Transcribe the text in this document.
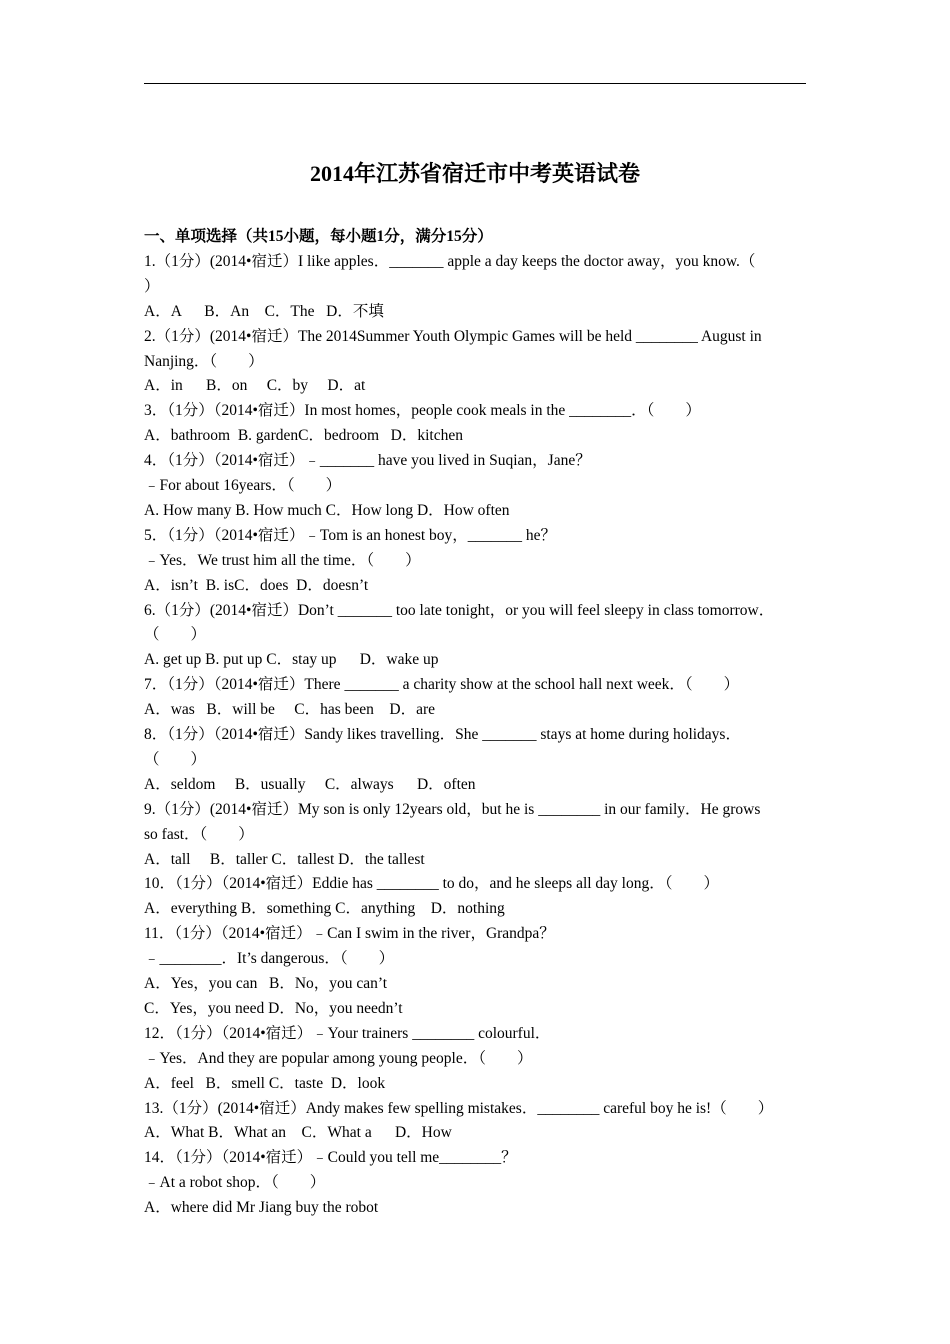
2014年江苏省宿迁市中考英语试卷
一、单项选择（共15小题，每小题1分，满分15分）
1.（1分）(2014•宿迁）I like apples．_______ apple a day keeps the doctor away，you know.（
）
A．A      B．An    C．The   D．不填
2.（1分）(2014•宿迁）The 2014Summer Youth Olympic Games will be held ________ August in
Nanjing．（        ）
A．in      B．on     C．by     D．at
3．（1分）（2014•宿迁）In most homes，people cook meals in the ________．（        ）
A．bathroom  B. gardenC．bedroom   D．kitchen
4．（1分）（2014•宿迁）﹣_______ have you lived in Suqian，Jane？
﹣For about 16years．（        ）
A. How many B. How much C．How long D．How often
5．（1分）（2014•宿迁）﹣Tom is an honest boy，_______ he？
﹣Yes．We trust him all the time．（        ）
A．isn’t  B. isC．does  D．doesn’t
6.（1分）(2014•宿迁）Don’t _______ too late tonight，or you will feel sleepy in class tomorrow．
（        ）
A. get up B. put up C．stay up      D．wake up
7．（1分）（2014•宿迁）There _______ a charity show at the school hall next week．（        ）
A．was   B．will be     C．has been    D．are
8．（1分）（2014•宿迁）Sandy likes travelling．She _______ stays at home during holidays．
（        ）
A．seldom     B．usually     C．always      D．often
9.（1分）(2014•宿迁）My son is only 12years old，but he is ________ in our family．He grows
so fast．（        ）
A．tall     B．taller C．tallest D．the tallest
10．（1分）（2014•宿迁）Eddie has ________ to do，and he sleeps all day long．（        ）
A．everything B．something C．anything    D．nothing
11．（1分）（2014•宿迁）﹣Can I swim in the river，Grandpa？
﹣________．It’s dangerous．（        ）
A．Yes，you can   B．No，you can’t
C．Yes，you need D．No，you needn’t
12．（1分）（2014•宿迁）﹣Your trainers ________ colourful．
﹣Yes．And they are popular among young people．（        ）
A．feel   B．smell C．taste  D．look
13.（1分）(2014•宿迁）Andy makes few spelling mistakes．________ careful boy he is!（        ）
A．What B．What an    C．What a      D．How
14．（1分）（2014•宿迁）﹣Could you tell me________？
﹣At a robot shop．（        ）
A．where did Mr Jiang buy the robot
